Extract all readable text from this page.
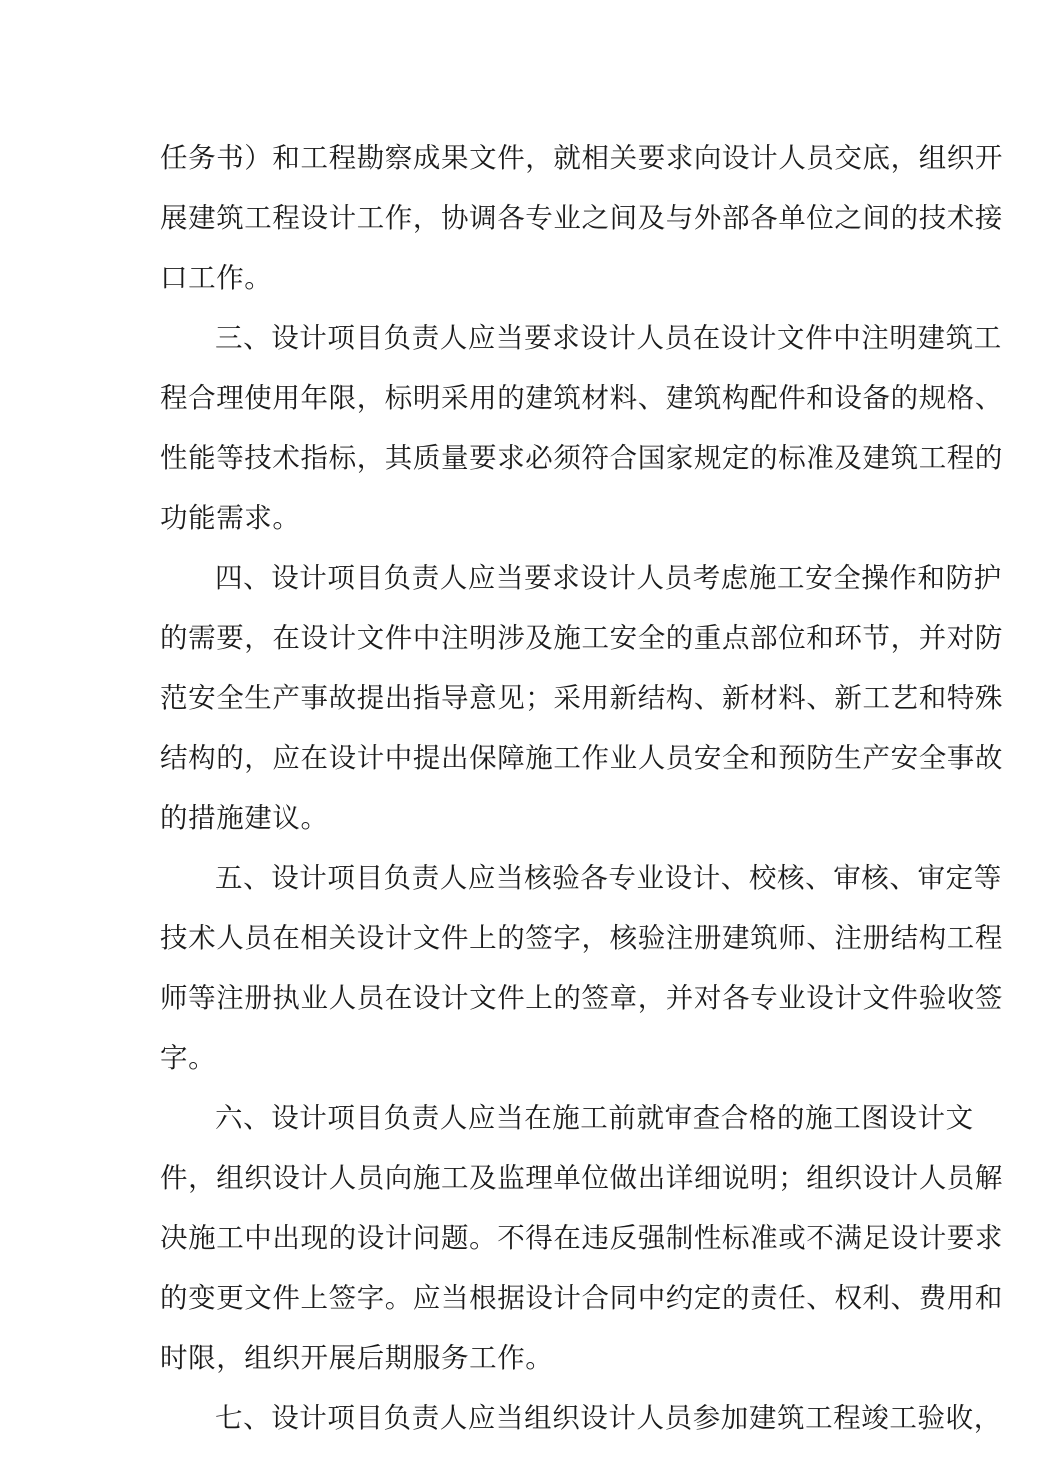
任务书）和工程勘察成果文件，就相关要求向设计人员交底，组织开
展建筑工程设计工作，协调各专业之间及与外部各单位之间的技术接
口工作。
三、设计项目负责人应当要求设计人员在设计文件中注明建筑工
程合理使用年限，标明采用的建筑材料、建筑构配件和设备的规格、
性能等技术指标，其质量要求必须符合国家规定的标准及建筑工程的
功能需求。
四、设计项目负责人应当要求设计人员考虑施工安全操作和防护
的需要，在设计文件中注明涉及施工安全的重点部位和环节，并对防
范安全生产事故提出指导意见；采用新结构、新材料、新工艺和特殊
结构的，应在设计中提出保障施工作业人员安全和预防生产安全事故
的措施建议。
五、设计项目负责人应当核验各专业设计、校核、审核、审定等
技术人员在相关设计文件上的签字，核验注册建筑师、注册结构工程
师等注册执业人员在设计文件上的签章，并对各专业设计文件验收签
字。
六、设计项目负责人应当在施工前就审查合格的施工图设计文
件，组织设计人员向施工及监理单位做出详细说明；组织设计人员解
决施工中出现的设计问题。不得在违反强制性标准或不满足设计要求
的变更文件上签字。应当根据设计合同中约定的责任、权利、费用和
时限，组织开展后期服务工作。
七、设计项目负责人应当组织设计人员参加建筑工程竣工验收，
